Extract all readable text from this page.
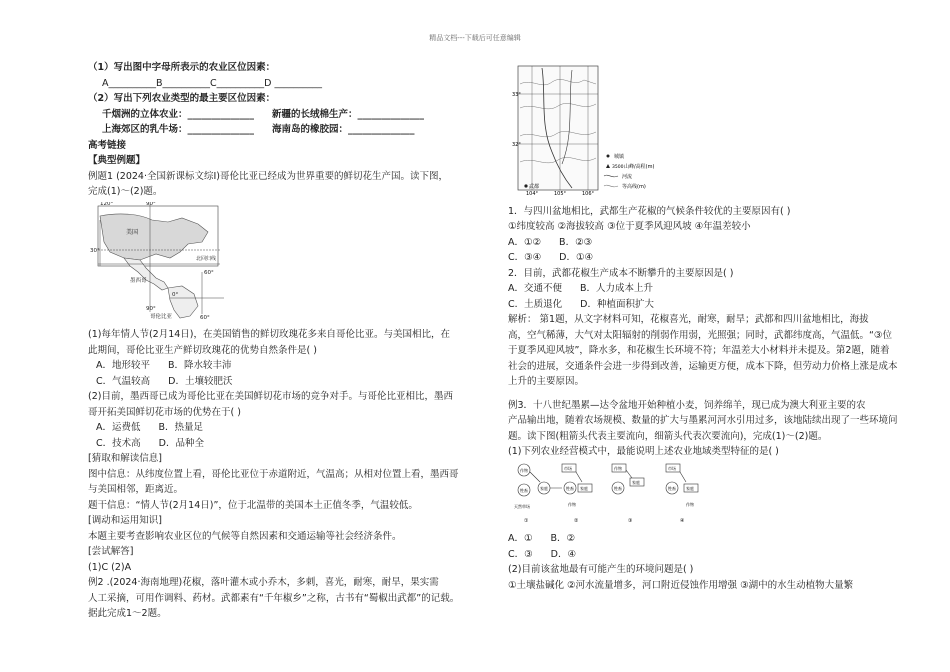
精品文档---下载后可任意编辑
（1）写出图中字母所表示的农业区位因素：
A__________B__________C__________D __________
（2）写出下列农业类型的最主要区位因素：
千烟洲的立体农业：______________ 新疆的长绒棉生产：______________
上海郊区的乳牛场：______________ 海南岛的橡胶园：______________
高考链接
【典型例题】
例题1 (2024·全国新课标文综Ⅰ)哥伦比亚已经成为世界重要的鲜切花生产国。读下图，
完成(1)～(2)题。
120°	90°
30°
美国
北回归线
墨西哥
60°
0°
哥伦比亚
90°
60°
(1)每年情人节(2月14日)，在美国销售的鲜切玫瑰花多来自哥伦比亚。与美国相比，在
此期间，哥伦比亚生产鲜切玫瑰花的优势自然条件是( )
A．地形较平 B．降水较丰沛
C．气温较高 D．土壤较肥沃
(2)目前，墨西哥已成为哥伦比亚在美国鲜切花市场的竞争对手。与哥伦比亚相比，墨西
哥开拓美国鲜切花市场的优势在于( )
A．运费低 B．热量足
C．技术高 D．品种全
[猜取和解读信息]
图中信息：从纬度位置上看，哥伦比亚位于赤道附近，气温高；从相对位置上看，墨西哥
与美国相邻，距离近。
题干信息：“情人节(2月14日)”，位于北温带的美国本土正值冬季，气温较低。
[调动和运用知识]
本题主要考查影响农业区位的气候等自然因素和交通运输等社会经济条件。
[尝试解答]
(1)C (2)A
例2 .(2024·海南地理)花椒，落叶灌木或小乔木，多刺，喜光，耐寒，耐旱，果实需
人工采摘，可用作调料、药材。武都素有“千年椒乡”之称，古书有“蜀椒出武都”的记载。
据此完成1～2题。
33°
32°
104°	105°	106°
武都
城镇
3500 山峰/高程(m)
河流
等高线(m)
1．与四川盆地相比，武都生产花椒的气候条件较优的主要原因有( )
①纬度较高 ②海拔较高 ③位于夏季风迎风坡 ④年温差较小
A．①② B．②③
C．③④ D．①④
2．目前，武都花椒生产成本不断攀升的主要原因是( )
A．交通不便 B．人力成本上升
C．土质退化 D．种植面积扩大
解析： 第1题，从文字材料可知，花椒喜光，耐寒，耐旱；武都和四川盆地相比，海拔
高，空气稀薄，大气对太阳辐射的削弱作用弱，光照强；同时，武都纬度高，气温低。“③位
于夏季风迎风坡”，降水多，和花椒生长环境不符；年温差大小材料并未提及。第2题，随着
社会的进展，交通条件会进一步得到改善，运输更方便，成本下降，但劳动力价格上涨是成本
上升的主要原因。
例3．十八世纪墨累—达令盆地开始种植小麦，饲养绵羊，现已成为澳大利亚主要的农
产品输出地，随着农场规模、数量的扩大与墨累河河水引用过多，该地陆续出现了一些环境问
题。读下图(粗箭头代表主要流向，细箭头代表次要流向)，完成(1)～(2)题。
(1)下列农业经营模式中，最能说明上述农业地域类型特征的是( )
作物
家庭
牲畜
天然草场
①
市场
家庭
牲畜
作物
②
作物
家庭
牲畜
③
市场
家庭
牲畜
作物
④
A．① B．②
C．③ D．④
(2)目前该盆地最有可能产生的环境问题是( )
①土壤盐碱化 ②河水流量增多，河口附近侵蚀作用增强 ③湖中的水生动植物大量繁
